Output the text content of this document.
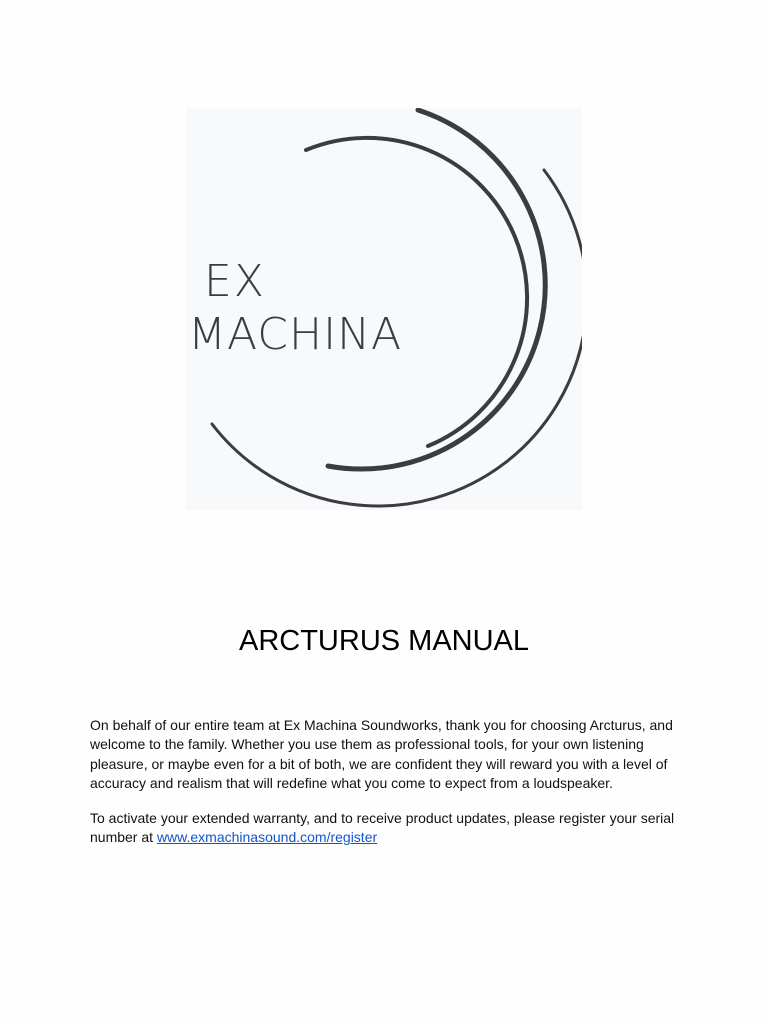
EX

MACHINA

ARCTURUS MANUAL

On behalf of our entire team at Ex Machina Soundworks, thank you for choosing Arcturus, and welcome to the family. Whether you use them as professional tools, for your own listening pleasure, or maybe even for a bit of both, we are confident they will reward you with a level of accuracy and realism that will redefine what you come to expect from a loudspeaker.

To activate your extended warranty, and to receive product updates, please register your serial number at www.exmachinasound.com/register
